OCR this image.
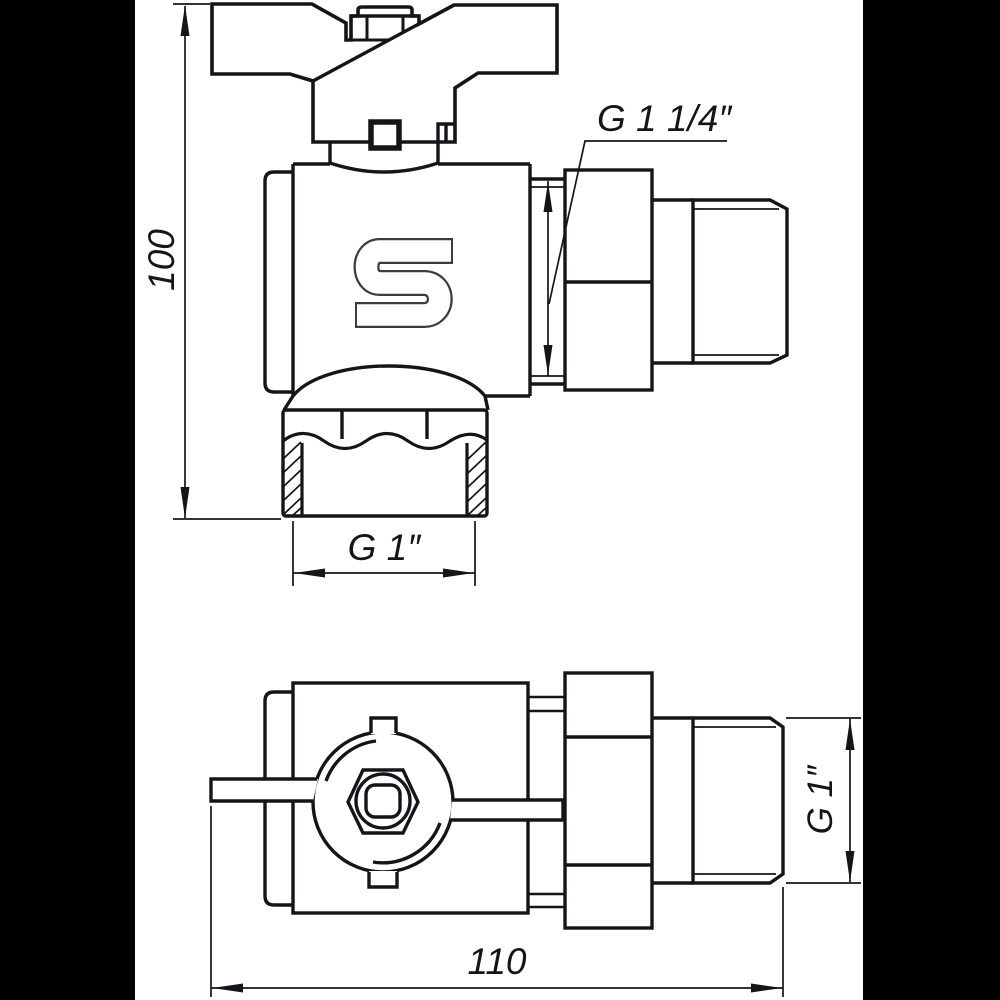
100
G 1 1/4″
G 1″
110
G 1″
